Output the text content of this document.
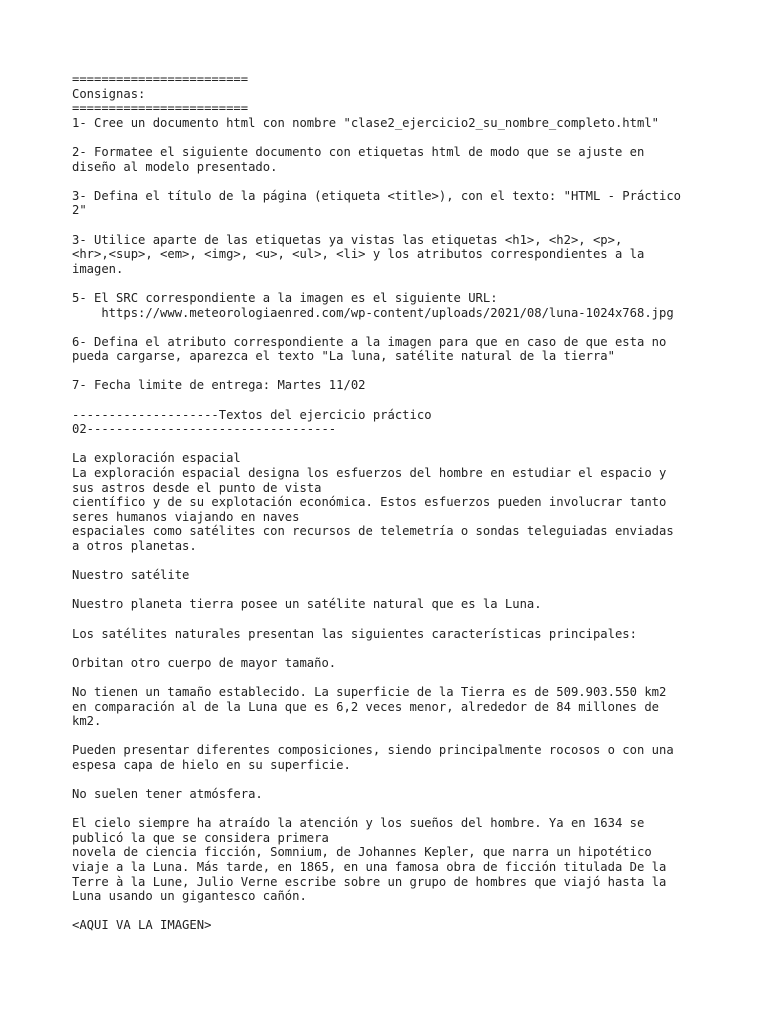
========================
Consignas:
========================
1- Cree un documento html con nombre "clase2_ejercicio2_su_nombre_completo.html"
2- Formatee el siguiente documento con etiquetas html de modo que se ajuste en
diseño al modelo presentado.
3- Defina el título de la página (etiqueta <title>), con el texto: "HTML - Práctico
2"
3- Utilice aparte de las etiquetas ya vistas las etiquetas <h1>, <h2>, <p>,
<hr>,<sup>, <em>, <img>, <u>, <ul>, <li> y los atributos correspondientes a la
imagen.
5- El SRC correspondiente a la imagen es el siguiente URL:
https://www.meteorologiaenred.com/wp-content/uploads/2021/08/luna-1024x768.jpg
6- Defina el atributo correspondiente a la imagen para que en caso de que esta no
pueda cargarse, aparezca el texto "La luna, satélite natural de la tierra"
7- Fecha limite de entrega: Martes 11/02
--------------------Textos del ejercicio práctico
02----------------------------------
La exploración espacial
La exploración espacial designa los esfuerzos del hombre en estudiar el espacio y
sus astros desde el punto de vista
científico y de su explotación económica. Estos esfuerzos pueden involucrar tanto
seres humanos viajando en naves
espaciales como satélites con recursos de telemetría o sondas teleguiadas enviadas
a otros planetas.
Nuestro satélite
Nuestro planeta tierra posee un satélite natural que es la Luna.
Los satélites naturales presentan las siguientes características principales:
Orbitan otro cuerpo de mayor tamaño.
No tienen un tamaño establecido. La superficie de la Tierra es de 509.903.550 km2
en comparación al de la Luna que es 6,2 veces menor, alrededor de 84 millones de
km2.
Pueden presentar diferentes composiciones, siendo principalmente rocosos o con una
espesa capa de hielo en su superficie.
No suelen tener atmósfera.
El cielo siempre ha atraído la atención y los sueños del hombre. Ya en 1634 se
publicó la que se considera primera
novela de ciencia ficción, Somnium, de Johannes Kepler, que narra un hipotético
viaje a la Luna. Más tarde, en 1865, en una famosa obra de ficción titulada De la
Terre à la Lune, Julio Verne escribe sobre un grupo de hombres que viajó hasta la
Luna usando un gigantesco cañón.
<AQUI VA LA IMAGEN>
